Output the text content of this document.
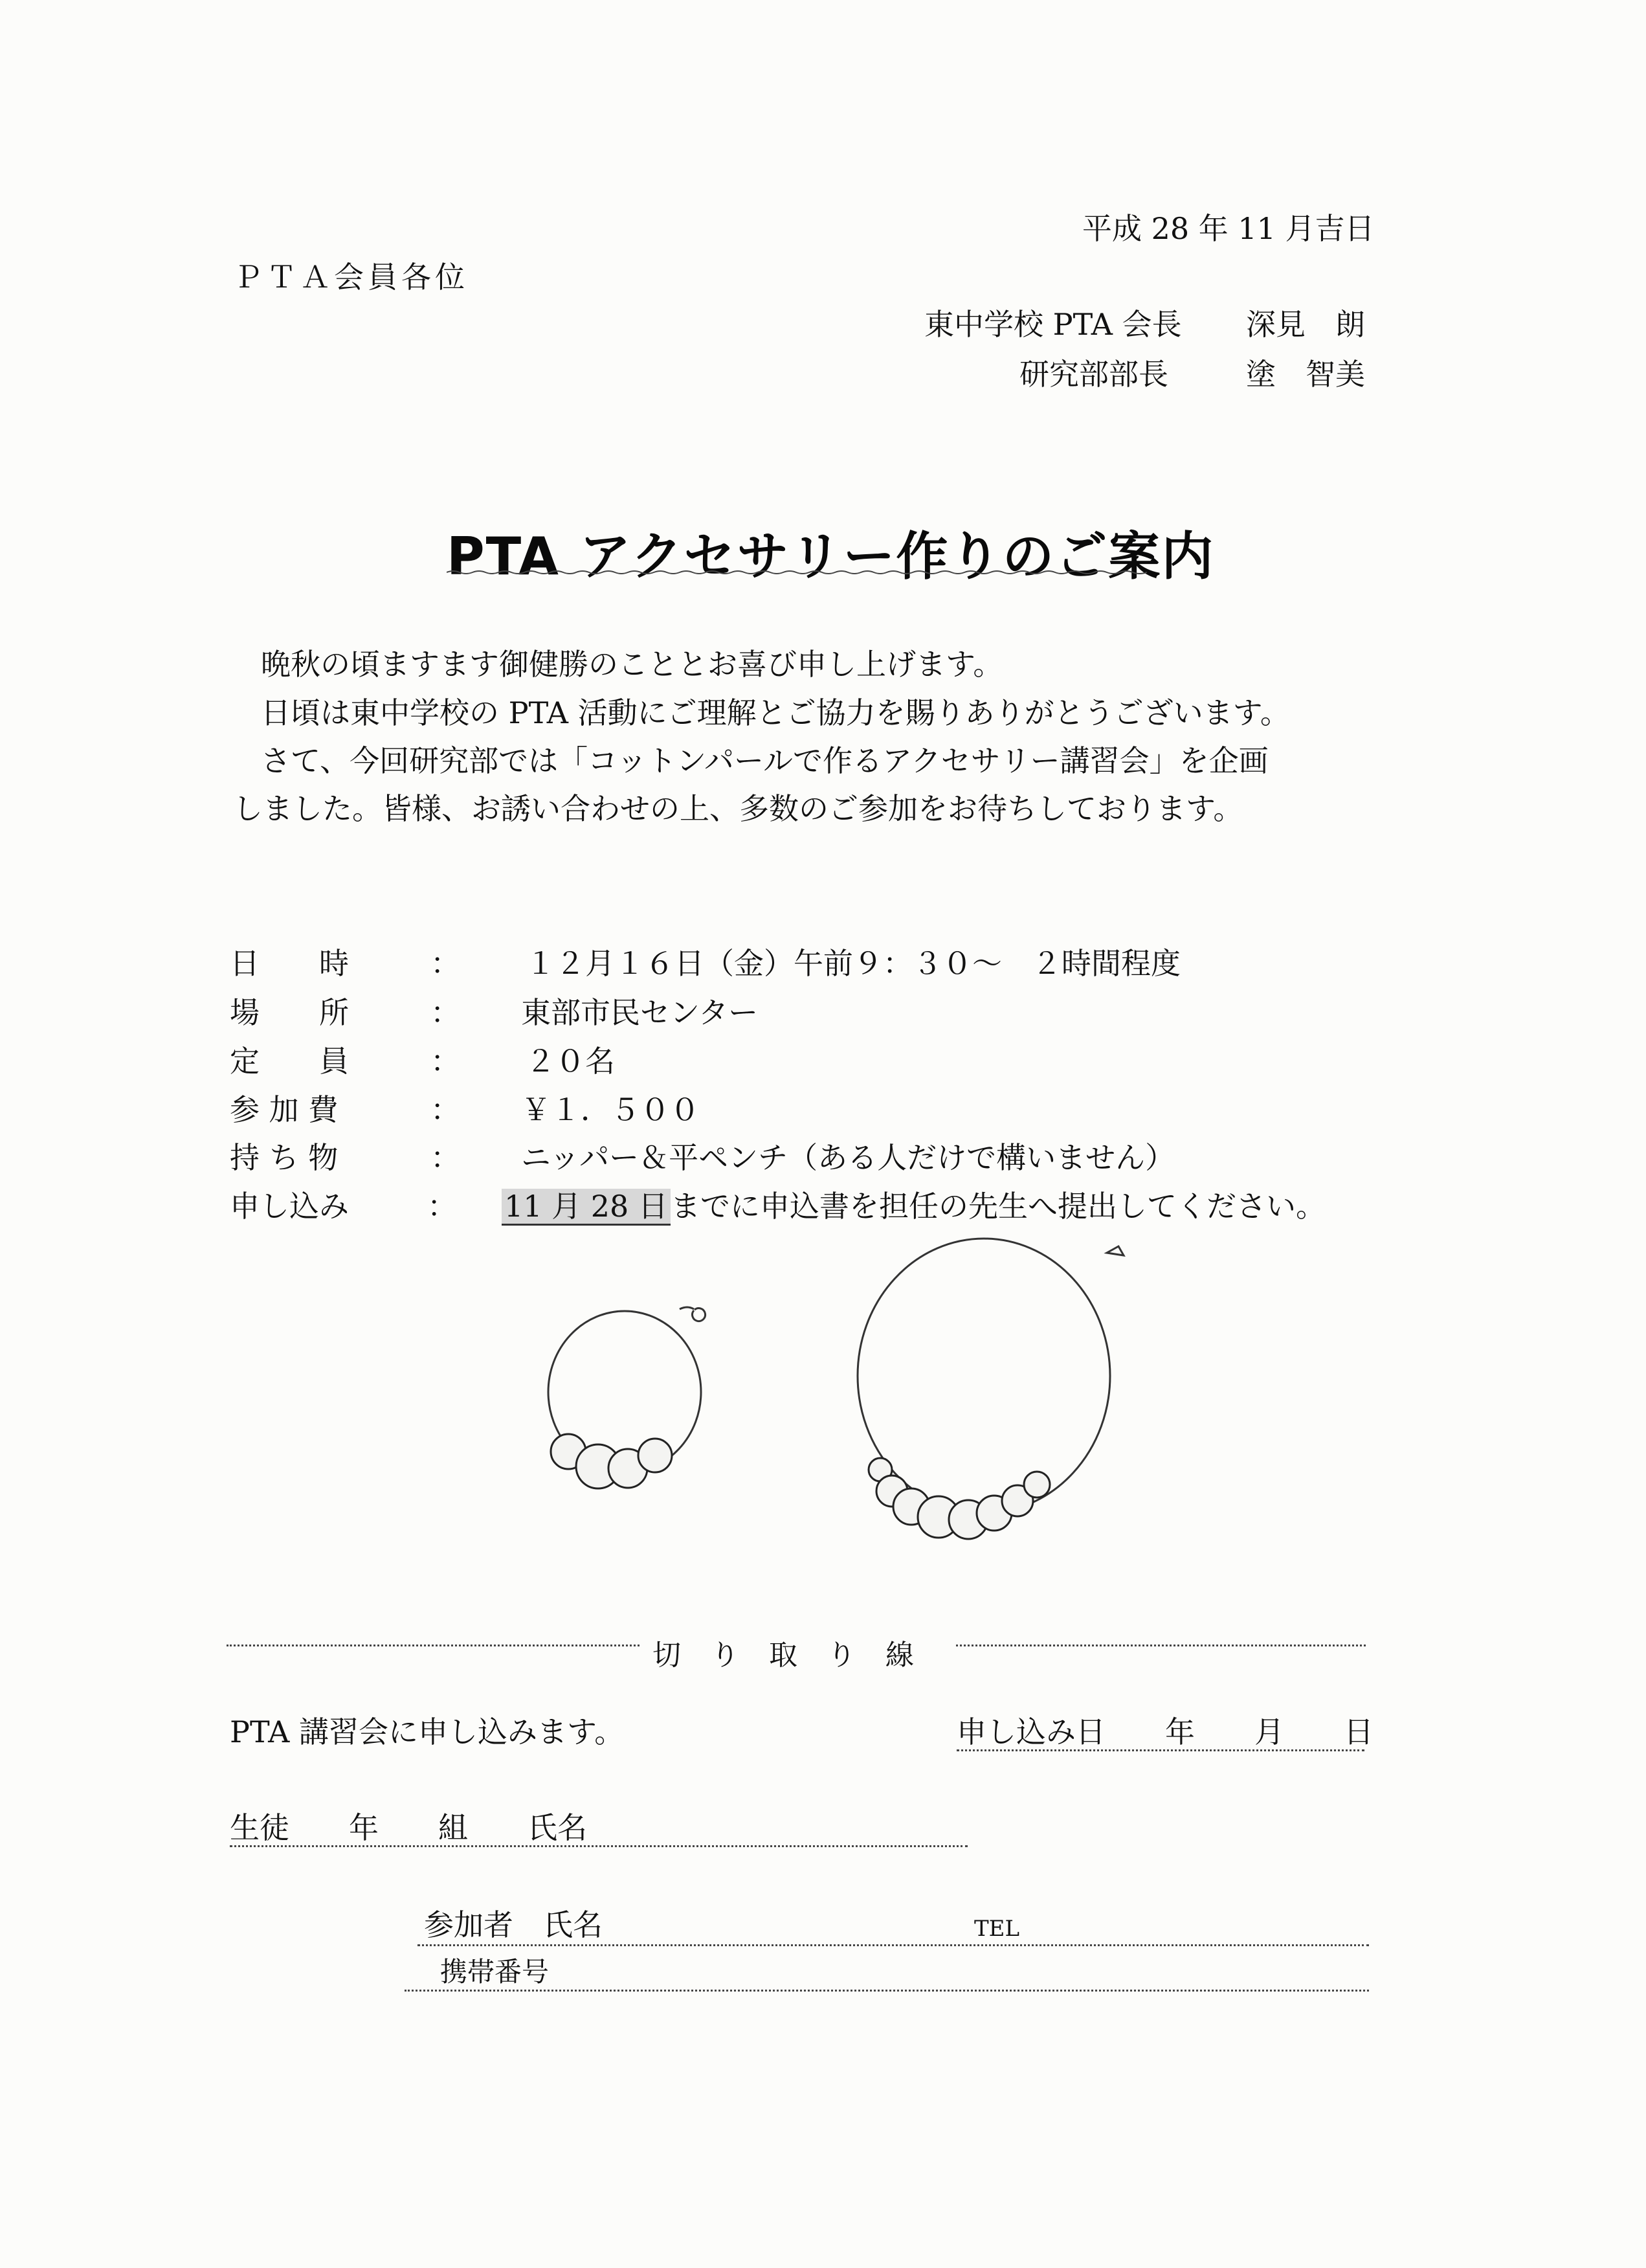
平成 28 年 11 月吉日
ＰＴＡ会員各位
東中学校 PTA 会長 深見　朗
研究部部長	塗　智美
PTA アクセサリー作りのご案内
晩秋の頃ますます御健勝のこととお喜び申し上げます。
日頃は東中学校の PTA 活動にご理解とご協力を賜りありがとうございます。
さて、今回研究部では「コットンパールで作るアクセサリー講習会」を企画
しました。皆様、お誘い合わせの上、多数のご参加をお待ちしております。
日　　時	： １２月１６日（金）午前９：３０～　２時間程度
場　　所	： 東部市民センター
定　　員	： ２０名
参 加 費	： ￥１．５００
持 ち 物	： ニッパー＆平ペンチ（ある人だけで構いません）
申し込み	： 11 月 28 日までに申込書を担任の先生へ提出してください。
切り取り線
PTA 講習会に申し込みます。	申し込み日　　年　　月　　日
生徒　　年　　組　　氏名
参加者　氏名	TEL
携帯番号
